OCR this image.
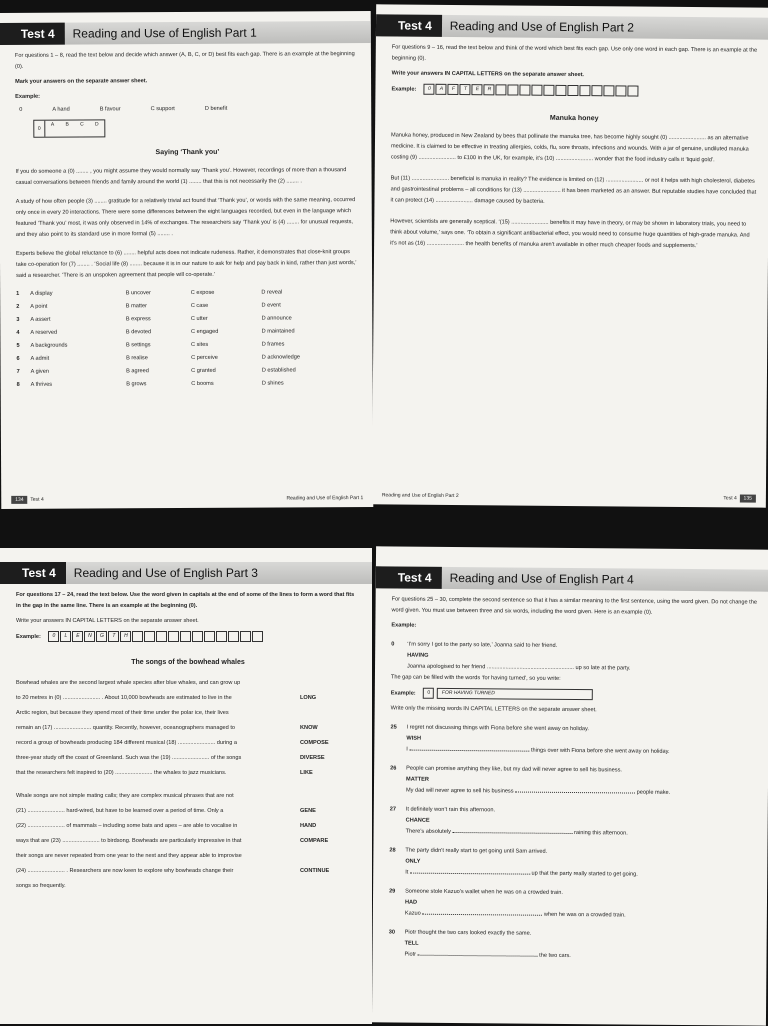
Test 4	Reading and Use of English Part 1

For questions 1 – 8, read the text below and decide which answer (A, B, C, or D) best fits each gap. There is an example at the beginning (0).

Mark your answers on the separate answer sheet.

Example:
0	A hand	B favour	C support	D benefit
0
A B C D
Saying ‘Thank you’

If you do someone a (0) ........ , you might assume they would normally say ‘Thank you’. However, recordings of more than a thousand casual conversations between friends and family around the world (1) ........ that this is not necessarily the (2) ........ .

A study of how often people (3) ........ gratitude for a relatively trivial act found that ‘Thank you’, or words with the same meaning, occurred only once in every 20 interactions. There were some differences between the eight languages recorded, but even in the language which featured ‘Thank you’ most, it was only observed in 14% of exchanges. The researchers say ‘Thank you’ is (4) ........ for unusual requests, and they also point to its standard use in more formal (5) ........ .

Experts believe the global reluctance to (6) ........ helpful acts does not indicate rudeness. Rather, it demonstrates that close-knit groups take co-operation for (7) ........ . ‘Social life (8) ........ because it is in our nature to ask for help and pay back in kind, rather than just words,’ said a researcher. ‘There is an unspoken agreement that people will co-operate.’

1	A display	B uncover	C expose	D reveal
2	A point	B matter	C case	D event
3	A assert	B express	C utter	D announce
4	A reserved	B devoted	C engaged	D maintained
5	A backgrounds	B settings	C sites	D frames
6	A admit	B realise	C perceive	D acknowledge
7	A given	B agreed	C granted	D established
8	A thrives	B grows	C booms	D shines
134 Test 4	Reading and Use of English Part 1
Test 4	Reading and Use of English Part 2

For questions 9 – 16, read the text below and think of the word which best fits each gap. Use only one word in each gap. There is an example at the beginning (0).

Write your answers IN CAPITAL LETTERS on the separate answer sheet.

Example:	0	A	F	T	E	R
Manuka honey

Manuka honey, produced in New Zealand by bees that pollinate the manuka tree, has become highly sought (0) ........................ as an alternative medicine. It is claimed to be effective in treating allergies, colds, flu, sore throats, infections and wounds. With a jar of genuine, undiluted manuka costing (9) ........................ to £100 in the UK, for example, it’s (10) ........................ wonder that the food industry calls it ‘liquid gold’.

But (11) ........................ beneficial is manuka in reality? The evidence is limited on (12) ........................ or not it helps with high cholesterol, diabetes and gastrointestinal problems – all conditions for (13) ........................ it has been marketed as an answer. But reputable studies have concluded that it can protect (14) ........................ damage caused by bacteria.

However, scientists are generally sceptical. ‘(15) ........................ benefits it may have in theory, or may be shown in laboratory trials, you need to think about volume,’ says one. ‘To obtain a significant antibacterial effect, you would need to consume huge quantities of high-grade manuka. And it’s not as (16) ........................ the health benefits of manuka aren’t available in other much cheaper foods and supplements.’

Reading and Use of English Part 2	Test 4 135
Test 4	Reading and Use of English Part 3

For questions 17 – 24, read the text below. Use the word given in capitals at the end of some of the lines to form a word that fits in the gap in the same line. There is an example at the beginning (0).

Write your answers IN CAPITAL LETTERS on the separate answer sheet.

Example:	0	L	E	N	G	T	H
The songs of the bowhead whales
Bowhead whales are the second largest whale species after blue whales, and can grow up
to 20 metres in (0) ........................ . About 10,000 bowheads are estimated to live in the	LONG
Arctic region, but because they spend most of their time under the polar ice, their lives
remain an (17) ........................ quantity. Recently, however, oceanographers managed to	KNOW
record a group of bowheads producing 184 different musical (18) ........................ during a	COMPOSE
three-year study off the coast of Greenland. Such was the (19) ........................ of the songs	DIVERSE
that the researchers felt inspired to (20) ........................ the whales to jazz musicians.	LIKE
Whale songs are not simple mating calls; they are complex musical phrases that are not
(21) ........................ hard-wired, but have to be learned over a period of time. Only a	GENE
(22) ........................ of mammals – including some bats and apes – are able to vocalise in	HAND
ways that are (23) ........................ to birdsong. Bowheads are particularly impressive in that	COMPARE
their songs are never repeated from one year to the next and they appear able to improvise
(24) ........................ . Researchers are now keen to explore why bowheads change their	CONTINUE
songs so frequently.
Test 4	Reading and Use of English Part 4

For questions 25 – 30, complete the second sentence so that it has a similar meaning to the first sentence, using the word given. Do not change the word given. You must use between three and six words, including the word given. Here is an example (0).

Example:
0	‘I’m sorry I got to the party so late,’ Joanna said to her friend.
HAVING
Joanna apologised to her friend ........................................................ up so late at the party.
The gap can be filled with the words ‘for having turned’, so you write:
Example:	0	FOR HAVING TURNED

Write only the missing words IN CAPITAL LETTERS on the separate answer sheet.

25	I regret not discussing things with Fiona before she went away on holiday.
WISH
I	things over with Fiona before she went away on holiday.
26	People can promise anything they like, but my dad will never agree to sell his business.
MATTER
My dad will never agree to sell his business	people make.
27	It definitely won’t rain this afternoon.
CHANCE
There’s absolutely	raining this afternoon.
28	The party didn’t really start to get going until Sam arrived.
ONLY
It	up that the party really started to get going.
29	Someone stole Kazuo’s wallet when he was on a crowded train.
HAD
Kazuo	when he was on a crowded train.
30	Piotr thought the two cars looked exactly the same.
TELL
Piotr	the two cars.
